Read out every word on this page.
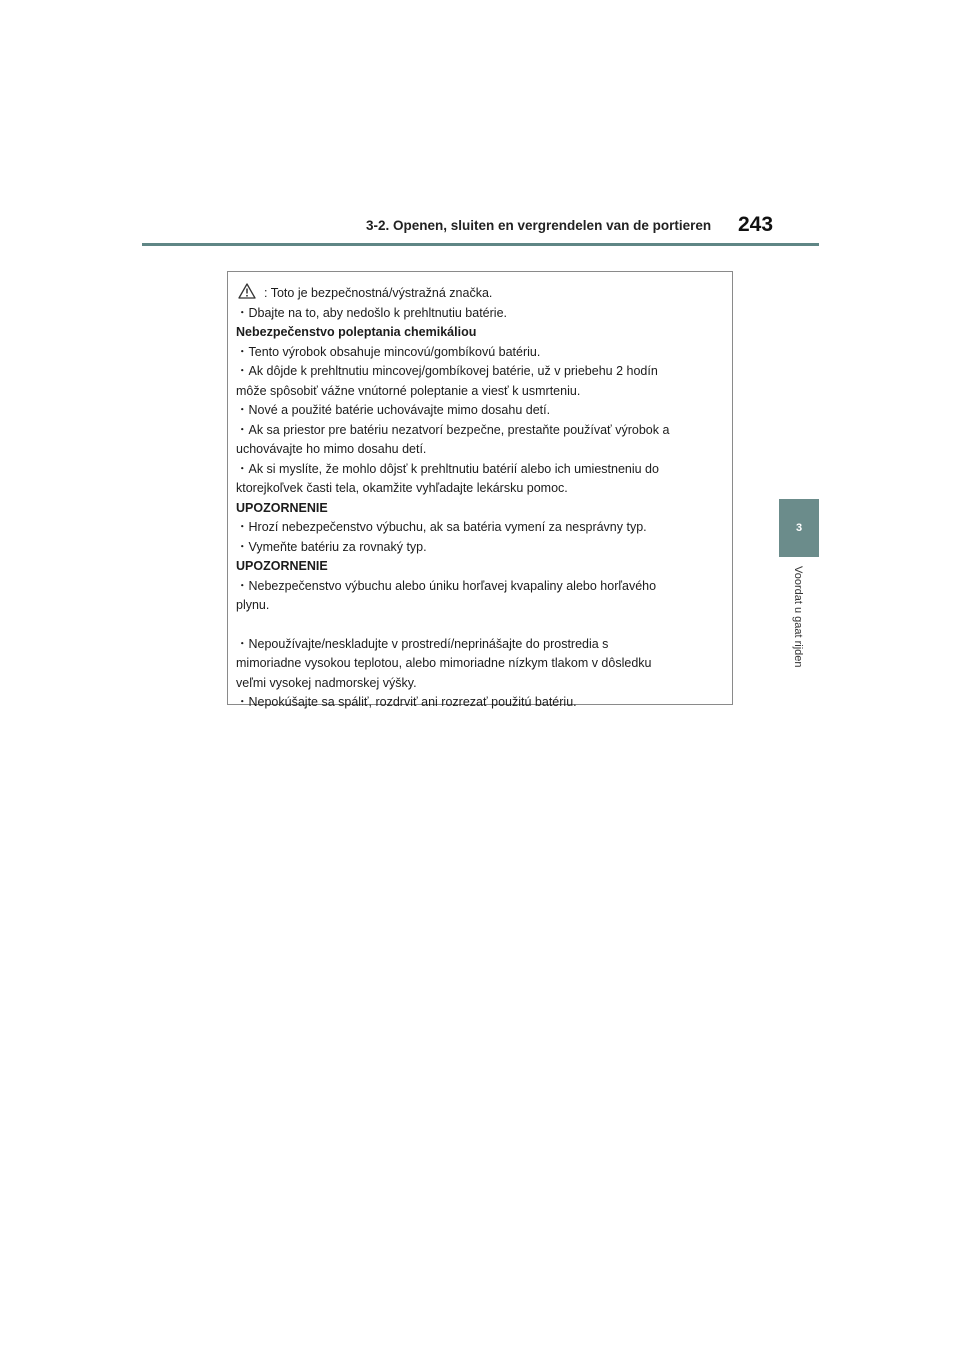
3-2. Openen, sluiten en vergrendelen van de portieren 243
3
Voordat u gaat rijden
: Toto je bezpečnostná/výstražná značka.
・Dbajte na to, aby nedošlo k prehltnutiu batérie.
Nebezpečenstvo poleptania chemikáliou
・Tento výrobok obsahuje mincovú/gombíkovú batériu.
・Ak dôjde k prehltnutiu mincovej/gombíkovej batérie, už v priebehu 2 hodín
môže spôsobiť vážne vnútorné poleptanie a viesť k usmrteniu.
・Nové a použité batérie uchovávajte mimo dosahu detí.
・Ak sa priestor pre batériu nezatvorí bezpečne, prestaňte používať výrobok a
uchovávajte ho mimo dosahu detí.
・Ak si myslíte, že mohlo dôjsť k prehltnutiu batérií alebo ich umiestneniu do
ktorejkoľvek časti tela, okamžite vyhľadajte lekársku pomoc.
UPOZORNENIE
・Hrozí nebezpečenstvo výbuchu, ak sa batéria vymení za nesprávny typ.
・Vymeňte batériu za rovnaký typ.
UPOZORNENIE
・Nebezpečenstvo výbuchu alebo úniku horľavej kvapaliny alebo horľavého
plynu.
・Nepoužívajte/neskladujte v prostredí/neprinášajte do prostredia s
mimoriadne vysokou teplotou, alebo mimoriadne nízkym tlakom v dôsledku
veľmi vysokej nadmorskej výšky.
・Nepokúšajte sa spáliť, rozdrviť ani rozrezať použitú batériu.
